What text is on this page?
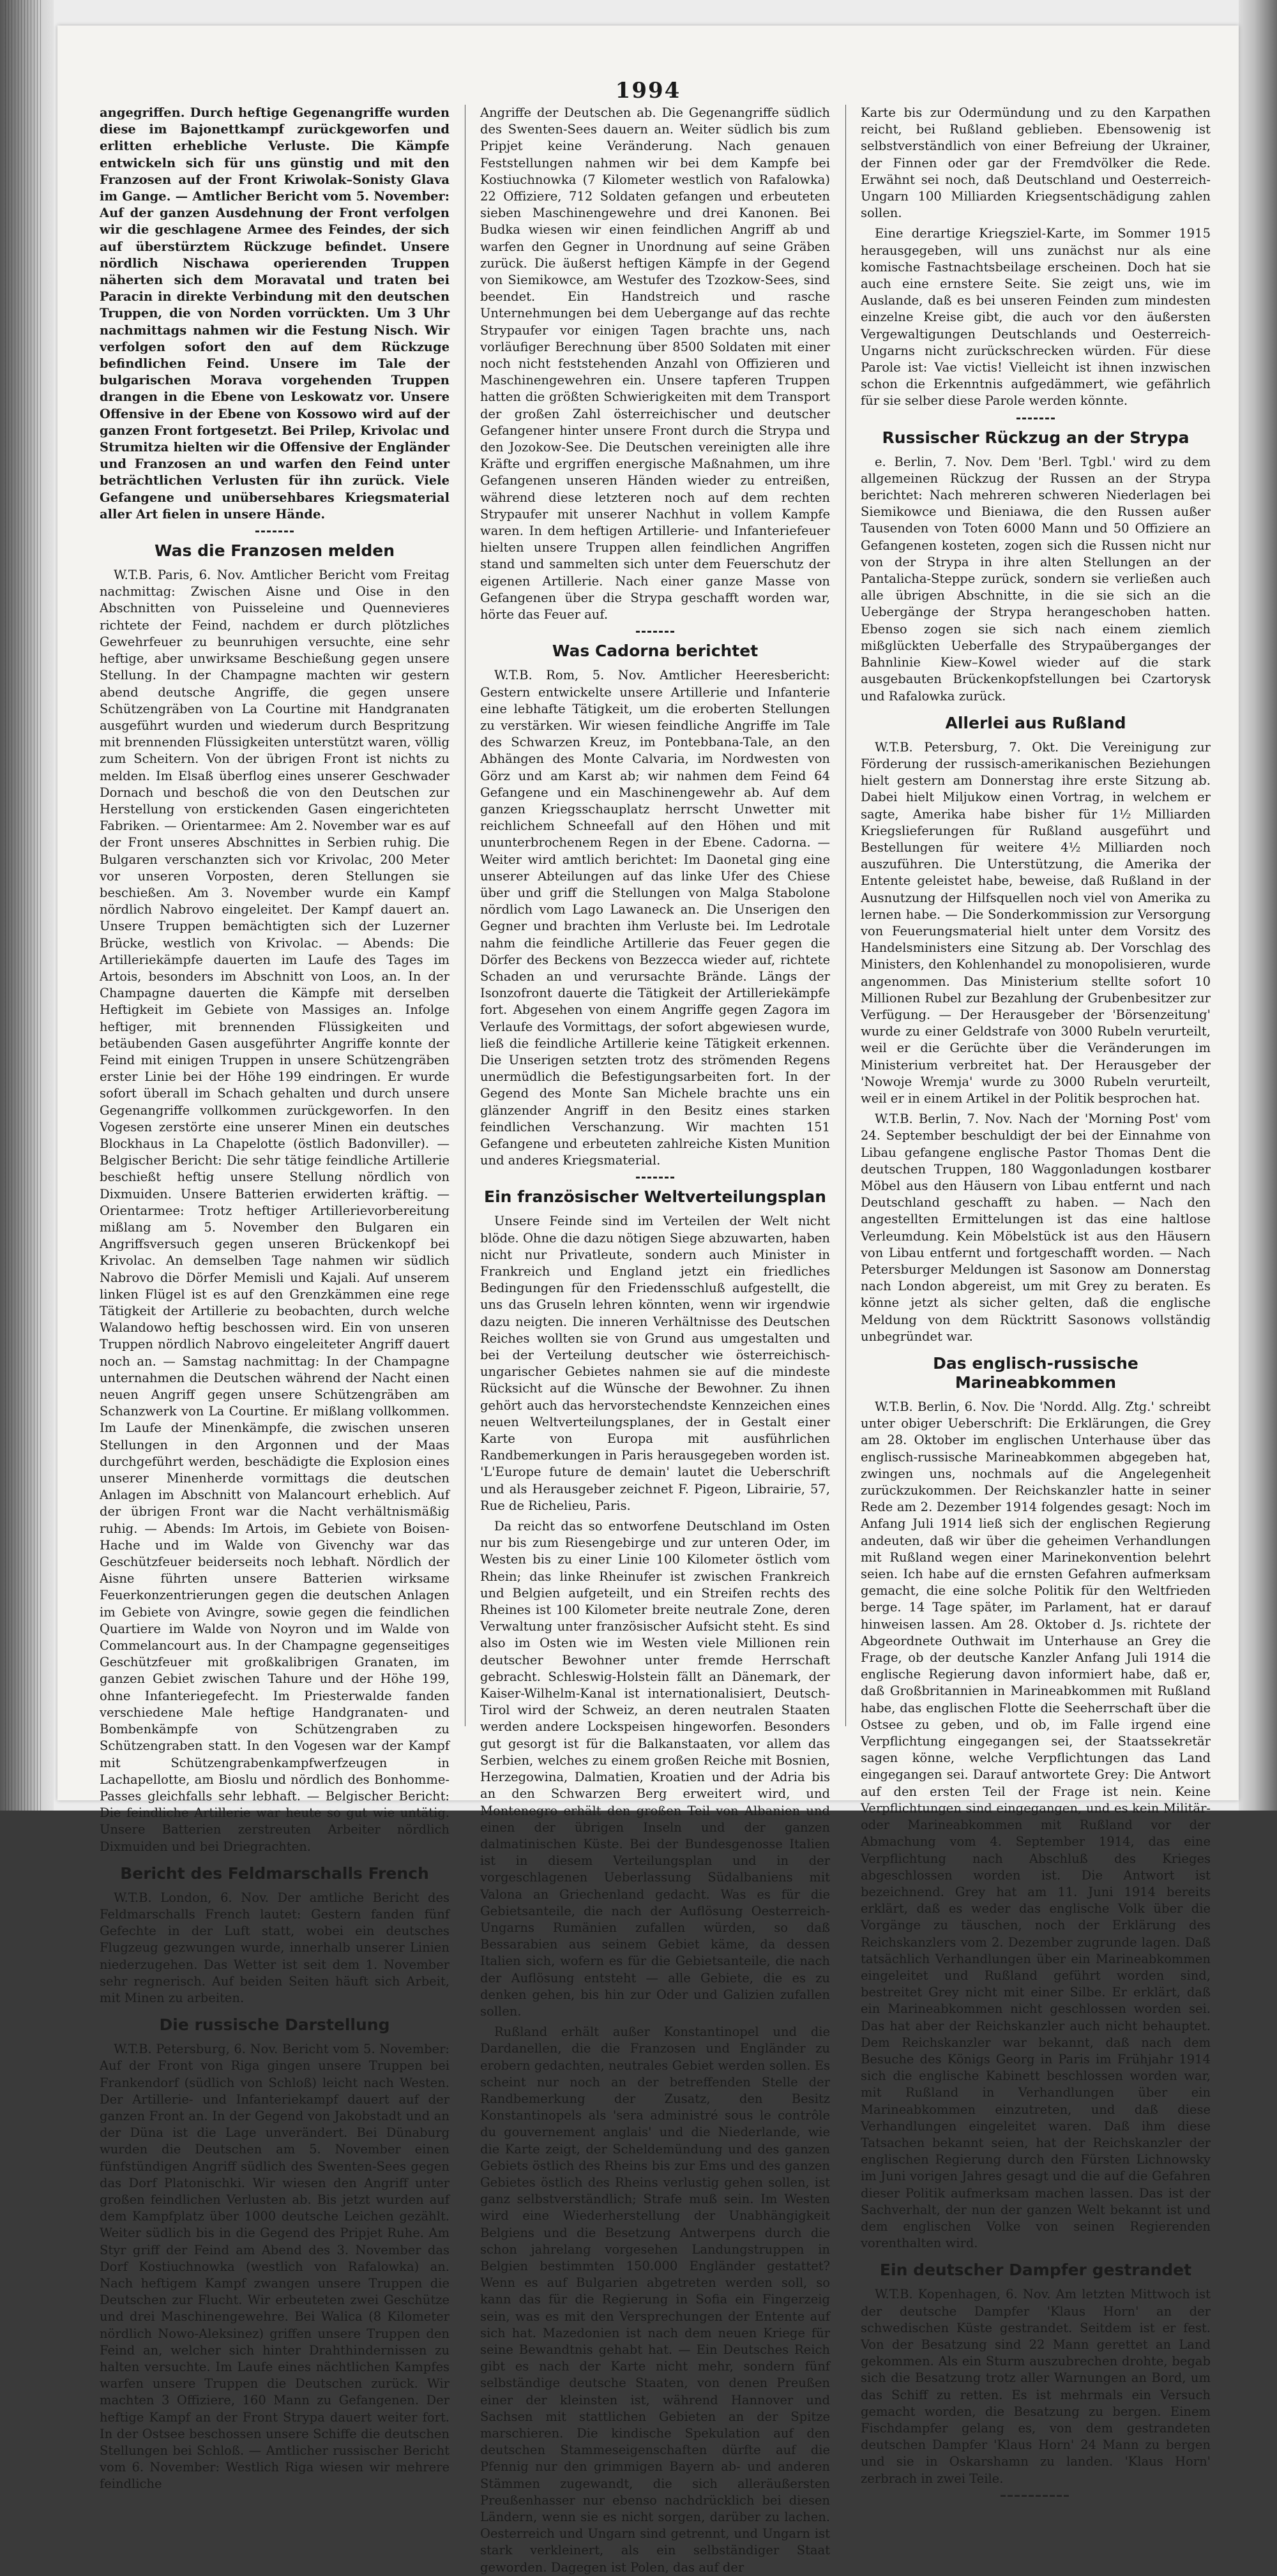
1994

angegriffen. Durch heftige Gegenangriffe wurden diese im Bajonettkampf zurückgeworfen und erlitten erhebliche Verluste. Die Kämpfe entwickeln sich für uns günstig und mit den Franzosen auf der Front Kriwolak–Sonisty Glava im Gange. — Amtlicher Bericht vom 5. November: Auf der ganzen Ausdehnung der Front verfolgen wir die geschlagene Armee des Feindes, der sich auf überstürztem Rückzuge befindet. Unsere nördlich Nischawa operierenden Truppen näherten sich dem Moravatal und traten bei Paracin in direkte Verbindung mit den deutschen Truppen, die von Norden vorrückten. Um 3 Uhr nachmittags nahmen wir die Festung Nisch. Wir verfolgen sofort den auf dem Rückzuge befindlichen Feind. Unsere im Tale der bulgarischen Morava vorgehenden Truppen drangen in die Ebene von Leskowatz vor. Unsere Offensive in der Ebene von Kossowo wird auf der ganzen Front fortgesetzt. Bei Prilep, Krivolac und Strumitza hielten wir die Offensive der Engländer und Franzosen an und warfen den Feind unter beträchtlichen Verlusten für ihn zurück. Viele Gefangene und unübersehbares Kriegsmaterial aller Art fielen in unsere Hände.

Was die Franzosen melden

W.T.B. Paris, 6. Nov. Amtlicher Bericht vom Freitag nachmittag: Zwischen Aisne und Oise in den Abschnitten von Puisseleine und Quennevieres richtete der Feind, nachdem er durch plötzliches Gewehrfeuer zu beunruhigen versuchte, eine sehr heftige, aber unwirksame Beschießung gegen unsere Stellung. In der Champagne machten wir gestern abend deutsche Angriffe, die gegen unsere Schützengräben von La Courtine mit Handgranaten ausgeführt wurden und wiederum durch Bespritzung mit brennenden Flüssigkeiten unterstützt waren, völlig zum Scheitern. Von der übrigen Front ist nichts zu melden. Im Elsaß überflog eines unserer Geschwader Dornach und beschoß die von den Deutschen zur Herstellung von erstickenden Gasen eingerichteten Fabriken. — Orientarmee: Am 2. November war es auf der Front unseres Abschnittes in Serbien ruhig. Die Bulgaren verschanzten sich vor Krivolac, 200 Meter vor unseren Vorposten, deren Stellungen sie beschießen. Am 3. November wurde ein Kampf nördlich Nabrovo eingeleitet. Der Kampf dauert an. Unsere Truppen bemächtigten sich der Luzerner Brücke, westlich von Krivolac. — Abends: Die Artilleriekämpfe dauerten im Laufe des Tages im Artois, besonders im Abschnitt von Loos, an. In der Champagne dauerten die Kämpfe mit derselben Heftigkeit im Gebiete von Massiges an. Infolge heftiger, mit brennenden Flüssigkeiten und betäubenden Gasen ausgeführter Angriffe konnte der Feind mit einigen Truppen in unsere Schützengräben erster Linie bei der Höhe 199 eindringen. Er wurde sofort überall im Schach gehalten und durch unsere Gegenangriffe vollkommen zurückgeworfen. In den Vogesen zerstörte eine unserer Minen ein deutsches Blockhaus in La Chapelotte (östlich Badonviller). — Belgischer Bericht: Die sehr tätige feindliche Artillerie beschießt heftig unsere Stellung nördlich von Dixmuiden. Unsere Batterien erwiderten kräftig. — Orientarmee: Trotz heftiger Artillerievorbereitung mißlang am 5. November den Bulgaren ein Angriffsversuch gegen unseren Brückenkopf bei Krivolac. An demselben Tage nahmen wir südlich Nabrovo die Dörfer Memisli und Kajali. Auf unserem linken Flügel ist es auf den Grenzkämmen eine rege Tätigkeit der Artillerie zu beobachten, durch welche Walandowo heftig beschossen wird. Ein von unseren Truppen nördlich Nabrovo eingeleiteter Angriff dauert noch an. — Samstag nachmittag: In der Champagne unternahmen die Deutschen während der Nacht einen neuen Angriff gegen unsere Schützengräben am Schanzwerk von La Courtine. Er mißlang vollkommen. Im Laufe der Minenkämpfe, die zwischen unseren Stellungen in den Argonnen und der Maas durchgeführt werden, beschädigte die Explosion eines unserer Minenherde vormittags die deutschen Anlagen im Abschnitt von Malancourt erheblich. Auf der übrigen Front war die Nacht verhältnismäßig ruhig. — Abends: Im Artois, im Gebiete von Boisen-Hache und im Walde von Givenchy war das Geschützfeuer beiderseits noch lebhaft. Nördlich der Aisne führten unsere Batterien wirksame Feuerkonzentrierungen gegen die deutschen Anlagen im Gebiete von Avingre, sowie gegen die feindlichen Quartiere im Walde von Noyron und im Walde von Commelancourt aus. In der Champagne gegenseitiges Geschützfeuer mit großkalibrigen Granaten, im ganzen Gebiet zwischen Tahure und der Höhe 199, ohne Infanteriegefecht. Im Priesterwalde fanden verschiedene Male heftige Handgranaten- und Bombenkämpfe von Schützengraben zu Schützengraben statt. In den Vogesen war der Kampf mit Schützengrabenkampfwerfzeugen in Lachapellotte, am Bioslu und nördlich des Bonhomme-Passes gleichfalls sehr lebhaft. — Belgischer Bericht: Die feindliche Artillerie war heute so gut wie untätig. Unsere Batterien zerstreuten Arbeiter nördlich Dixmuiden und bei Driegrachten.

Bericht des Feldmarschalls French

W.T.B. London, 6. Nov. Der amtliche Bericht des Feldmarschalls French lautet: Gestern fanden fünf Gefechte in der Luft statt, wobei ein deutsches Flugzeug gezwungen wurde, innerhalb unserer Linien niederzugehen. Das Wetter ist seit dem 1. November sehr regnerisch. Auf beiden Seiten häuft sich Arbeit, mit Minen zu arbeiten.

Die russische Darstellung

W.T.B. Petersburg, 6. Nov. Bericht vom 5. November: Auf der Front von Riga gingen unsere Truppen bei Frankendorf (südlich von Schloß) leicht nach Westen. Der Artillerie- und Infanteriekampf dauert auf der ganzen Front an. In der Gegend von Jakobstadt und an der Düna ist die Lage unverändert. Bei Dünaburg wurden die Deutschen am 5. November einen fünfstündigen Angriff südlich des Swenten-Sees gegen das Dorf Platonischki. Wir wiesen den Angriff unter großen feindlichen Verlusten ab. Bis jetzt wurden auf dem Kampfplatz über 1000 deutsche Leichen gezählt. Weiter südlich bis in die Gegend des Pripjet Ruhe. Am Styr griff der Feind am Abend des 3. November das Dorf Kostiuchnowka (westlich von Rafalowka) an. Nach heftigem Kampf zwangen unsere Truppen die Deutschen zur Flucht. Wir erbeuteten zwei Geschütze und drei Maschinengewehre. Bei Walica (8 Kilometer nördlich Nowo-Aleksinez) griffen unsere Truppen den Feind an, welcher sich hinter Drahthindernissen zu halten versuchte. Im Laufe eines nächtlichen Kampfes warfen unsere Truppen die Deutschen zurück. Wir machten 3 Offiziere, 160 Mann zu Gefangenen. Der heftige Kampf an der Front Strypa dauert weiter fort. In der Ostsee beschossen unsere Schiffe die deutschen Stellungen bei Schloß. — Amtlicher russischer Bericht vom 6. November: Westlich Riga wiesen wir mehrere feindliche

Angriffe der Deutschen ab. Die Gegenangriffe südlich des Swenten-Sees dauern an. Weiter südlich bis zum Pripjet keine Veränderung. Nach genauen Feststellungen nahmen wir bei dem Kampfe bei Kostiuchnowka (7 Kilometer westlich von Rafalowka) 22 Offiziere, 712 Soldaten gefangen und erbeuteten sieben Maschinengewehre und drei Kanonen. Bei Budka wiesen wir einen feindlichen Angriff ab und warfen den Gegner in Unordnung auf seine Gräben zurück. Die äußerst heftigen Kämpfe in der Gegend von Siemikowce, am Westufer des Tzozkow-Sees, sind beendet. Ein Handstreich und rasche Unternehmungen bei dem Uebergange auf das rechte Strypaufer vor einigen Tagen brachte uns, nach vorläufiger Berechnung über 8500 Soldaten mit einer noch nicht feststehenden Anzahl von Offizieren und Maschinengewehren ein. Unsere tapferen Truppen hatten die größten Schwierigkeiten mit dem Transport der großen Zahl österreichischer und deutscher Gefangener hinter unsere Front durch die Strypa und den Jozokow-See. Die Deutschen vereinigten alle ihre Kräfte und ergriffen energische Maßnahmen, um ihre Gefangenen unseren Händen wieder zu entreißen, während diese letzteren noch auf dem rechten Strypaufer mit unserer Nachhut in vollem Kampfe waren. In dem heftigen Artillerie- und Infanteriefeuer hielten unsere Truppen allen feindlichen Angriffen stand und sammelten sich unter dem Feuerschutz der eigenen Artillerie. Nach einer ganze Masse von Gefangenen über die Strypa geschafft worden war, hörte das Feuer auf.

Was Cadorna berichtet

W.T.B. Rom, 5. Nov. Amtlicher Heeresbericht: Gestern entwickelte unsere Artillerie und Infanterie eine lebhafte Tätigkeit, um die eroberten Stellungen zu verstärken. Wir wiesen feindliche Angriffe im Tale des Schwarzen Kreuz, im Pontebbana-Tale, an den Abhängen des Monte Calvaria, im Nordwesten von Görz und am Karst ab; wir nahmen dem Feind 64 Gefangene und ein Maschinengewehr ab. Auf dem ganzen Kriegsschauplatz herrscht Unwetter mit reichlichem Schneefall auf den Höhen und mit ununterbrochenem Regen in der Ebene. Cadorna. — Weiter wird amtlich berichtet: Im Daonetal ging eine unserer Abteilungen auf das linke Ufer des Chiese über und griff die Stellungen von Malga Stabolone nördlich vom Lago Lawaneck an. Die Unserigen den Gegner und brachten ihm Verluste bei. Im Ledrotale nahm die feindliche Artillerie das Feuer gegen die Dörfer des Beckens von Bezzecca wieder auf, richtete Schaden an und verursachte Brände. Längs der Isonzofront dauerte die Tätigkeit der Artilleriekämpfe fort. Abgesehen von einem Angriffe gegen Zagora im Verlaufe des Vormittags, der sofort abgewiesen wurde, ließ die feindliche Artillerie keine Tätigkeit erkennen. Die Unserigen setzten trotz des strömenden Regens unermüdlich die Befestigungsarbeiten fort. In der Gegend des Monte San Michele brachte uns ein glänzender Angriff in den Besitz eines starken feindlichen Verschanzung. Wir machten 151 Gefangene und erbeuteten zahlreiche Kisten Munition und anderes Kriegsmaterial.

Ein französischer Weltverteilungsplan

Unsere Feinde sind im Verteilen der Welt nicht blöde. Ohne die dazu nötigen Siege abzuwarten, haben nicht nur Privatleute, sondern auch Minister in Frankreich und England jetzt ein friedliches Bedingungen für den Friedensschluß aufgestellt, die uns das Gruseln lehren könnten, wenn wir irgendwie dazu neigten. Die inneren Verhältnisse des Deutschen Reiches wollten sie von Grund aus umgestalten und bei der Verteilung deutscher wie österreichisch-ungarischer Gebietes nahmen sie auf die mindeste Rücksicht auf die Wünsche der Bewohner. Zu ihnen gehört auch das hervorstechendste Kennzeichen eines neuen Weltverteilungsplanes, der in Gestalt einer Karte von Europa mit ausführlichen Randbemerkungen in Paris herausgegeben worden ist. 'L'Europe future de demain' lautet die Ueberschrift und als Herausgeber zeichnet F. Pigeon, Librairie, 57, Rue de Richelieu, Paris.

Da reicht das so entworfene Deutschland im Osten nur bis zum Riesengebirge und zur unteren Oder, im Westen bis zu einer Linie 100 Kilometer östlich vom Rhein; das linke Rheinufer ist zwischen Frankreich und Belgien aufgeteilt, und ein Streifen rechts des Rheines ist 100 Kilometer breite neutrale Zone, deren Verwaltung unter französischer Aufsicht steht. Es sind also im Osten wie im Westen viele Millionen rein deutscher Bewohner unter fremde Herrschaft gebracht. Schleswig-Holstein fällt an Dänemark, der Kaiser-Wilhelm-Kanal ist internationalisiert, Deutsch-Tirol wird der Schweiz, an deren neutralen Staaten werden andere Lockspeisen hingeworfen. Besonders gut gesorgt ist für die Balkanstaaten, vor allem das Serbien, welches zu einem großen Reiche mit Bosnien, Herzegowina, Dalmatien, Kroatien und der Adria bis an den Schwarzen Berg erweitert wird, und Montenegro erhält den großen Teil von Albanien und einen der übrigen Inseln und der ganzen dalmatinischen Küste. Bei der Bundesgenosse Italien ist in diesem Verteilungsplan und in der vorgeschlagenen Ueberlassung Südalbaniens mit Valona an Griechenland gedacht. Was es für die Gebietsanteile, die nach der Auflösung Oesterreich-Ungarns Rumänien zufallen würden, so daß Bessarabien aus seinem Gebiet käme, da dessen Italien sich, wofern es für die Gebietsanteile, die nach der Auflösung entsteht — alle Gebiete, die es zu denken gehen, bis hin zur Oder und Galizien zufallen sollen.

Rußland erhält außer Konstantinopel und die Dardanellen, die die Franzosen und Engländer zu erobern gedachten, neutrales Gebiet werden sollen. Es scheint nur noch an der betreffenden Stelle der Randbemerkung der Zusatz, den Besitz Konstantinopels als 'sera administré sous le contrôle du gouvernement anglais' und die Niederlande, wie die Karte zeigt, der Scheldemündung und des ganzen Gebiets östlich des Rheins bis zur Ems und des ganzen Gebietes östlich des Rheins verlustig gehen sollen, ist ganz selbstverständlich; Strafe muß sein. Im Westen wird eine Wiederherstellung der Unabhängigkeit Belgiens und die Besetzung Antwerpens durch die schon jahrelang vorgesehen Landungstruppen in Belgien bestimmten 150.000 Engländer gestattet? Wenn es auf Bulgarien abgetreten werden soll, so kann das für die Regierung in Sofia ein Fingerzeig sein, was es mit den Versprechungen der Entente auf sich hat. Mazedonien ist nach dem neuen Kriege für seine Bewandtnis gehabt hat. — Ein Deutsches Reich gibt es nach der Karte nicht mehr, sondern fünf selbständige deutsche Staaten, von denen Preußen einer der kleinsten ist, während Hannover und Sachsen mit stattlichen Gebieten an der Spitze marschieren. Die kindische Spekulation auf den deutschen Stammeseigenschaften dürfte auf die Pfennig nur den grimmigen Bayern ab- und anderen Stämmen zugewandt, die sich alleräußersten Preußenhasser nur ebenso nachdrücklich bei diesen Ländern, wenn sie es nicht sorgen, darüber zu lachen. Oesterreich und Ungarn sind getrennt, und Ungarn ist stark verkleinert, als ein selbständiger Staat geworden. Dagegen ist Polen, das auf der

Karte bis zur Odermündung und zu den Karpathen reicht, bei Rußland geblieben. Ebensowenig ist selbstverständlich von einer Befreiung der Ukrainer, der Finnen oder gar der Fremdvölker die Rede. Erwähnt sei noch, daß Deutschland und Oesterreich-Ungarn 100 Milliarden Kriegsentschädigung zahlen sollen.

Eine derartige Kriegsziel-Karte, im Sommer 1915 herausgegeben, will uns zunächst nur als eine komische Fastnachtsbeilage erscheinen. Doch hat sie auch eine ernstere Seite. Sie zeigt uns, wie im Auslande, daß es bei unseren Feinden zum mindesten einzelne Kreise gibt, die auch vor den äußersten Vergewaltigungen Deutschlands und Oesterreich-Ungarns nicht zurückschrecken würden. Für diese Parole ist: Vae victis! Vielleicht ist ihnen inzwischen schon die Erkenntnis aufgedämmert, wie gefährlich für sie selber diese Parole werden könnte.

Russischer Rückzug an der Strypa

e. Berlin, 7. Nov. Dem 'Berl. Tgbl.' wird zu dem allgemeinen Rückzug der Russen an der Strypa berichtet: Nach mehreren schweren Niederlagen bei Siemikowce und Bieniawa, die den Russen außer Tausenden von Toten 6000 Mann und 50 Offiziere an Gefangenen kosteten, zogen sich die Russen nicht nur von der Strypa in ihre alten Stellungen an der Pantalicha-Steppe zurück, sondern sie verließen auch alle übrigen Abschnitte, in die sie sich an die Uebergänge der Strypa herangeschoben hatten. Ebenso zogen sie sich nach einem ziemlich mißglückten Ueberfalle des Strypaüberganges der Bahnlinie Kiew–Kowel wieder auf die stark ausgebauten Brückenkopfstellungen bei Czartorysk und Rafalowka zurück.

Allerlei aus Rußland

W.T.B. Petersburg, 7. Okt. Die Vereinigung zur Förderung der russisch-amerikanischen Beziehungen hielt gestern am Donnerstag ihre erste Sitzung ab. Dabei hielt Miljukow einen Vortrag, in welchem er sagte, Amerika habe bisher für 1½ Milliarden Kriegslieferungen für Rußland ausgeführt und Bestellungen für weitere 4½ Milliarden noch auszuführen. Die Unterstützung, die Amerika der Entente geleistet habe, beweise, daß Rußland in der Ausnutzung der Hilfsquellen noch viel von Amerika zu lernen habe. — Die Sonderkommission zur Versorgung von Feuerungsmaterial hielt unter dem Vorsitz des Handelsministers eine Sitzung ab. Der Vorschlag des Ministers, den Kohlenhandel zu monopolisieren, wurde angenommen. Das Ministerium stellte sofort 10 Millionen Rubel zur Bezahlung der Grubenbesitzer zur Verfügung. — Der Herausgeber der 'Börsenzeitung' wurde zu einer Geldstrafe von 3000 Rubeln verurteilt, weil er die Gerüchte über die Veränderungen im Ministerium verbreitet hat. Der Herausgeber der 'Nowoje Wremja' wurde zu 3000 Rubeln verurteilt, weil er in einem Artikel in der Politik besprochen hat.

W.T.B. Berlin, 7. Nov. Nach der 'Morning Post' vom 24. September beschuldigt der bei der Einnahme von Libau gefangene englische Pastor Thomas Dent die deutschen Truppen, 180 Waggonladungen kostbarer Möbel aus den Häusern von Libau entfernt und nach Deutschland geschafft zu haben. — Nach den angestellten Ermittelungen ist das eine haltlose Verleumdung. Kein Möbelstück ist aus den Häusern von Libau entfernt und fortgeschafft worden. — Nach Petersburger Meldungen ist Sasonow am Donnerstag nach London abgereist, um mit Grey zu beraten. Es könne jetzt als sicher gelten, daß die englische Meldung von dem Rücktritt Sasonows vollständig unbegründet war.

Das englisch-russische Marineabkommen

W.T.B. Berlin, 6. Nov. Die 'Nordd. Allg. Ztg.' schreibt unter obiger Ueberschrift: Die Erklärungen, die Grey am 28. Oktober im englischen Unterhause über das englisch-russische Marineabkommen abgegeben hat, zwingen uns, nochmals auf die Angelegenheit zurückzukommen. Der Reichskanzler hatte in seiner Rede am 2. Dezember 1914 folgendes gesagt: Noch im Anfang Juli 1914 ließ sich der englischen Regierung andeuten, daß wir über die geheimen Verhandlungen mit Rußland wegen einer Marinekonvention belehrt seien. Ich habe auf die ernsten Gefahren aufmerksam gemacht, die eine solche Politik für den Weltfrieden berge. 14 Tage später, im Parlament, hat er darauf hinweisen lassen. Am 28. Oktober d. Js. richtete der Abgeordnete Outhwait im Unterhause an Grey die Frage, ob der deutsche Kanzler Anfang Juli 1914 die englische Regierung davon informiert habe, daß er, daß Großbritannien in Marineabkommen mit Rußland habe, das englischen Flotte die Seeherrschaft über die Ostsee zu geben, und ob, im Falle irgend eine Verpflichtung eingegangen sei, der Staatssekretär sagen könne, welche Verpflichtungen das Land eingegangen sei. Darauf antwortete Grey: Die Antwort auf den ersten Teil der Frage ist nein. Keine Verpflichtungen sind eingegangen, und es kein Militär- oder Marineabkommen mit Rußland vor der Abmachung vom 4. September 1914, das eine Verpflichtung nach Abschluß des Krieges abgeschlossen worden ist. Die Antwort ist bezeichnend. Grey hat am 11. Juni 1914 bereits erklärt, daß es weder das englische Volk über die Vorgänge zu täuschen, noch der Erklärung des Reichskanzlers vom 2. Dezember zugrunde lagen. Daß tatsächlich Verhandlungen über ein Marineabkommen eingeleitet und Rußland geführt worden sind, bestreitet Grey nicht mit einer Silbe. Er erklärt, daß ein Marineabkommen nicht geschlossen worden sei. Das hat aber der Reichskanzler auch nicht behauptet. Dem Reichskanzler war bekannt, daß nach dem Besuche des Königs Georg in Paris im Frühjahr 1914 sich die englische Kabinett beschlossen worden war, mit Rußland in Verhandlungen über ein Marineabkommen einzutreten, und daß diese Verhandlungen eingeleitet waren. Daß ihm diese Tatsachen bekannt seien, hat der Reichskanzler der englischen Regierung durch den Fürsten Lichnowsky im Juni vorigen Jahres gesagt und die auf die Gefahren dieser Politik aufmerksam machen lassen. Das ist der Sachverhalt, der nun der ganzen Welt bekannt ist und dem englischen Volke von seinen Regierenden vorenthalten wird.

Ein deutscher Dampfer gestrandet

W.T.B. Kopenhagen, 6. Nov. Am letzten Mittwoch ist der deutsche Dampfer 'Klaus Horn' an der schwedischen Küste gestrandet. Seitdem ist er fest. Von der Besatzung sind 22 Mann gerettet an Land gekommen. Als ein Sturm auszubrechen drohte, begab sich die Besatzung trotz aller Warnungen an Bord, um das Schiff zu retten. Es ist mehrmals ein Versuch gemacht worden, die Besatzung zu bergen. Einem Fischdampfer gelang es, von dem gestrandeten deutschen Dampfer 'Klaus Horn' 24 Mann zu bergen und sie in Oskarshamn zu landen. 'Klaus Horn' zerbrach in zwei Teile.
